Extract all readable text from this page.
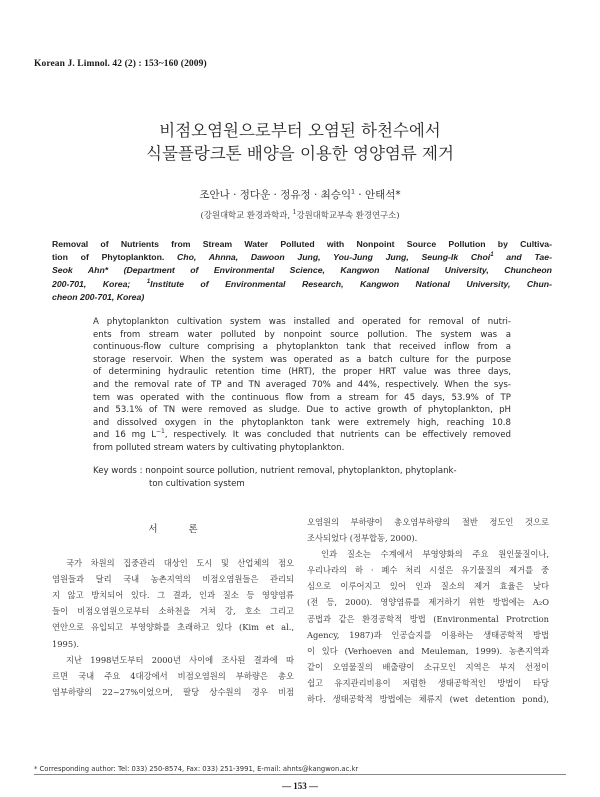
Korean J. Limnol. 42 (2) : 153~160 (2009)
비점오염원으로부터 오염된 하천수에서
식물플랑크톤 배양을 이용한 영양염류 제거
조안나 · 정다운 · 정유정 · 최승익$^1$ · 안태석*
(강원대학교 환경과학과, $^1$강원대학교부속 환경연구소)
Removal of Nutrients from Stream Water Polluted with Nonpoint Source Pollution by Cultiva-
tion of Phytoplankton. Cho, Ahnna, Dawoon Jung, You-Jung Jung, Seung-Ik Choi$^1$ and Tae-
Seok Ahn* (Department of Environmental Science, Kangwon National University, Chuncheon
200-701, Korea;	$^1$Institute of Environmental Research, Kangwon National University, Chun-
cheon 200-701, Korea)
A phytoplankton cultivation system was installed and operated for removal of nutri-
ents from stream water polluted by nonpoint source pollution. The system was a
continuous-flow culture comprising a phytoplankton tank that received inflow from a
storage reservoir. When the system was operated as a batch culture for the purpose
of determining hydraulic retention time (HRT), the proper HRT value was three days,
and the removal rate of TP and TN averaged 70% and 44%, respectively. When the sys-
tem was operated with the continuous flow from a stream for 45 days, 53.9% of TP
and 53.1% of TN were removed as sludge. Due to active growth of phytoplankton, pH
and dissolved oxygen in the phytoplankton tank were extremely high, reaching 10.8
and 16 mg $L^{-1}$, respectively. It was concluded that nutrients can be effectively removed
from polluted stream waters by cultivating phytoplankton.
Key words : nonpoint source pollution, nutrient removal, phytoplankton, phytoplank-
ton cultivation system
서 론
국가 차원의 집중관리 대상인 도시 및 산업체의 점오
염원들과 달리 국내 농촌지역의 비점오염원들은 관리되
지 않고 방치되어 있다. 그 결과, 인과 질소 등 영양염류
들이 비점오염원으로부터 소하천을 거쳐 강, 호소 그리고
연안으로 유입되고 부영양화를 초래하고 있다 (Kim et al.,
1995).
지난 1998년도부터 2000년 사이에 조사된 결과에 따
르면 국내 주요 4대강에서 비점오염원의 부하량은 총오
염부하량의 22~27%이었으며, 팔당 상수원의 경우 비점
오염원의 부하량이 총오염부하량의 절반 정도인 것으로
조사되었다 (정부합동, 2000).
인과 질소는 수계에서 부영양화의 주요 원인물질이나,
우리나라의 하 · 폐수 처리 시설은 유기물질의 제거를 중
심으로 이루어지고 있어 인과 질소의 제거 효율은 낮다
(전 등, 2000). 영양염류를 제거하기 위한 방법에는 A₂O
공법과 같은 환경공학적 방법 (Environmental Protrction
Agency, 1987)과 인공습지를 이용하는 생태공학적 방법
이 있다 (Verhoeven and Meuleman, 1999). 농촌지역과
같이 오염물질의 배출량이 소규모인 지역은 부지 선정이
쉽고 유지관리비용이 저렴한 생태공학적인 방법이 타당
하다. 생태공학적 방법에는 체류지 (wet detention pond),
* Corresponding author: Tel: 033) 250-8574, Fax: 033) 251-3991, E-mail: ahnts@kangwon.ac.kr
— 153 —
